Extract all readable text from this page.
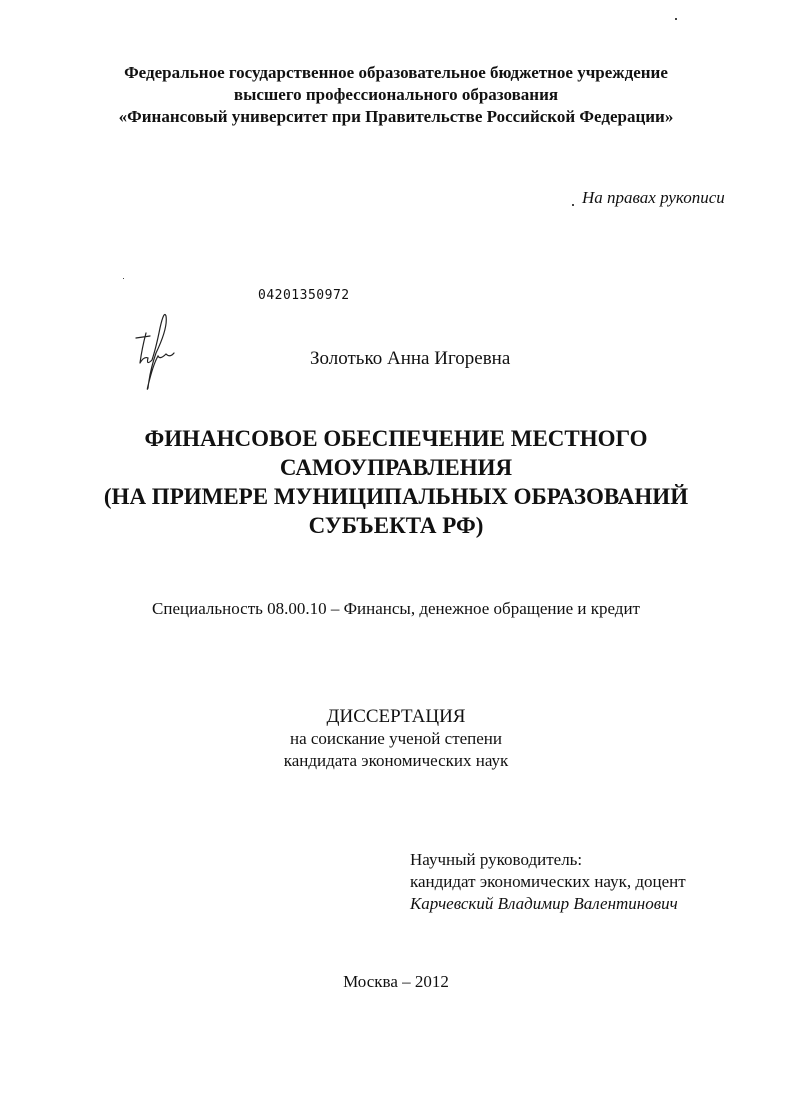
Федеральное государственное образовательное бюджетное учреждение
высшего профессионального образования
«Финансовый университет при Правительстве Российской Федерации»
На правах рукописи
04201350972
Золотько Анна Игоревна
ФИНАНСОВОЕ ОБЕСПЕЧЕНИЕ МЕСТНОГО
САМОУПРАВЛЕНИЯ
(НА ПРИМЕРЕ МУНИЦИПАЛЬНЫХ ОБРАЗОВАНИЙ
СУБЪЕКТА РФ)
Специальность 08.00.10 – Финансы, денежное обращение и кредит
ДИССЕРТАЦИЯ
на соискание ученой степени
кандидата экономических наук
Научный руководитель:
кандидат экономических наук, доцент
Карчевский Владимир Валентинович
Москва – 2012
